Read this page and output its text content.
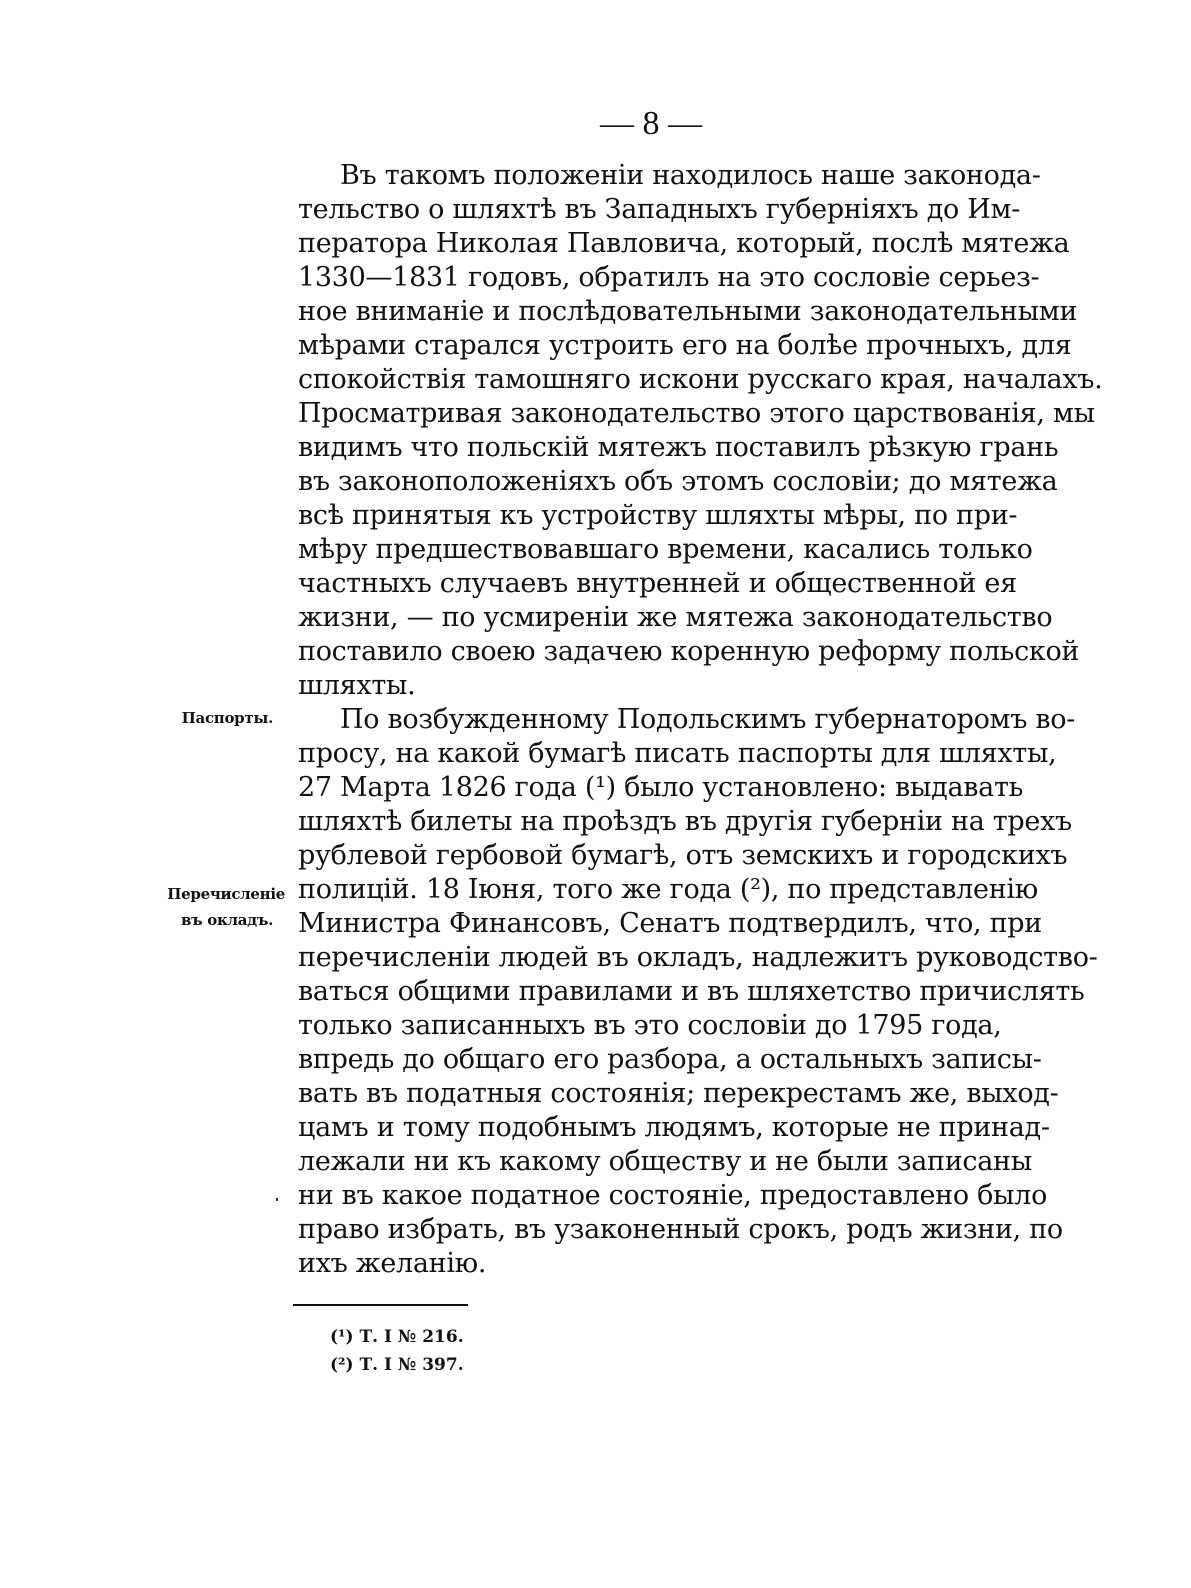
— 8 —
Въ такомъ положеніи находилось наше законода-
тельство о шляхтѣ въ Западныхъ губерніяхъ до Им-
ператора Николая Павловича, который, послѣ мятежа
1330—1831 годовъ, обратилъ на это сословіе серьез-
ное вниманіе и послѣдовательными законодательными
мѣрами старался устроить его на болѣе прочныхъ, для
спокойствія тамошняго искони русскаго края, началахъ.
Просматривая законодательство этого царствованія, мы
видимъ что польскій мятежъ поставилъ рѣзкую грань
въ законоположеніяхъ объ этомъ сословіи; до мятежа
всѣ принятыя къ устройству шляхты мѣры, по при-
мѣру предшествовавшаго времени, касались только
частныхъ случаевъ внутренней и общественной ея
жизни, — по усмиреніи же мятежа законодательство
поставило своею задачею коренную реформу польской
шляхты.
Паспорты.
Перечисленіе
въ окладъ.
По возбужденному Подольскимъ губернаторомъ во-
просу, на какой бумагѣ писать паспорты для шляхты,
27 Марта 1826 года (¹) было установлено: выдавать
шляхтѣ билеты на проѣздъ въ другія губерніи на трехъ
рублевой гербовой бумагѣ, отъ земскихъ и городскихъ
полицій. 18 Іюня, того же года (²), по представленію
Министра Финансовъ, Сенатъ подтвердилъ, что, при
перечисленіи людей въ окладъ, надлежитъ руководство-
ваться общими правилами и въ шляхетство причислять
только записанныхъ въ это сословіи до 1795 года,
впредь до общаго его разбора, а остальныхъ записы-
вать въ податныя состоянія; перекрестамъ же, выход-
цамъ и тому подобнымъ людямъ, которые не принад-
лежали ни къ какому обществу и не были записаны
ни въ какое податное состояніе, предоставлено было
право избрать, въ узаконенный срокъ, родъ жизни, по
ихъ желанію.
(¹) Т. I № 216.
(²) Т. I № 397.
